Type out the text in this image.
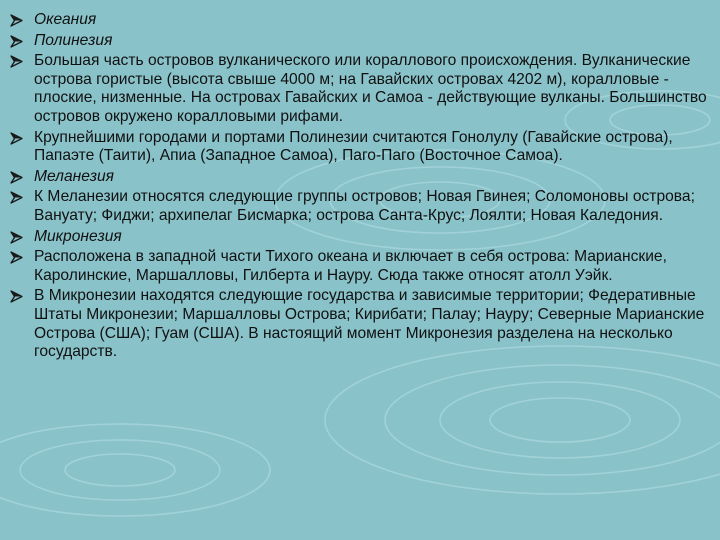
Океания
Полинезия
Большая часть островов вулканического или кораллового происхождения. Вулканические острова гористые (высота свыше 4000 м; на Гавайских островах 4202 м), коралловые - плоские, низменные. На островах Гавайских и Самоа - действующие вулканы. Большинство островов окружено коралловыми рифами.
Крупнейшими городами и портами Полинезии считаются Гонолулу (Гавайские острова), Папаэте (Таити), Апиа (Западное Самоа), Паго-Паго (Восточное Самоа).
Меланезия
К Меланезии относятся следующие группы островов; Новая Гвинея; Соломоновы острова; Вануату; Фиджи; архипелаг Бисмарка; острова Санта-Крус; Лоялти; Новая Каледония.
Микронезия
Расположена в западной части Тихого океана и включает в себя острова: Марианские, Каролинские, Маршалловы, Гилберта и Науру. Сюда также относят атолл Уэйк.
В Микронезии находятся следующие государства и зависимые территории; Федеративные Штаты Микронезии; Маршалловы Острова; Кирибати; Палау; Науру; Северные Марианские Острова (США); Гуам (США). В настоящий момент Микронезия разделена на несколько государств.
